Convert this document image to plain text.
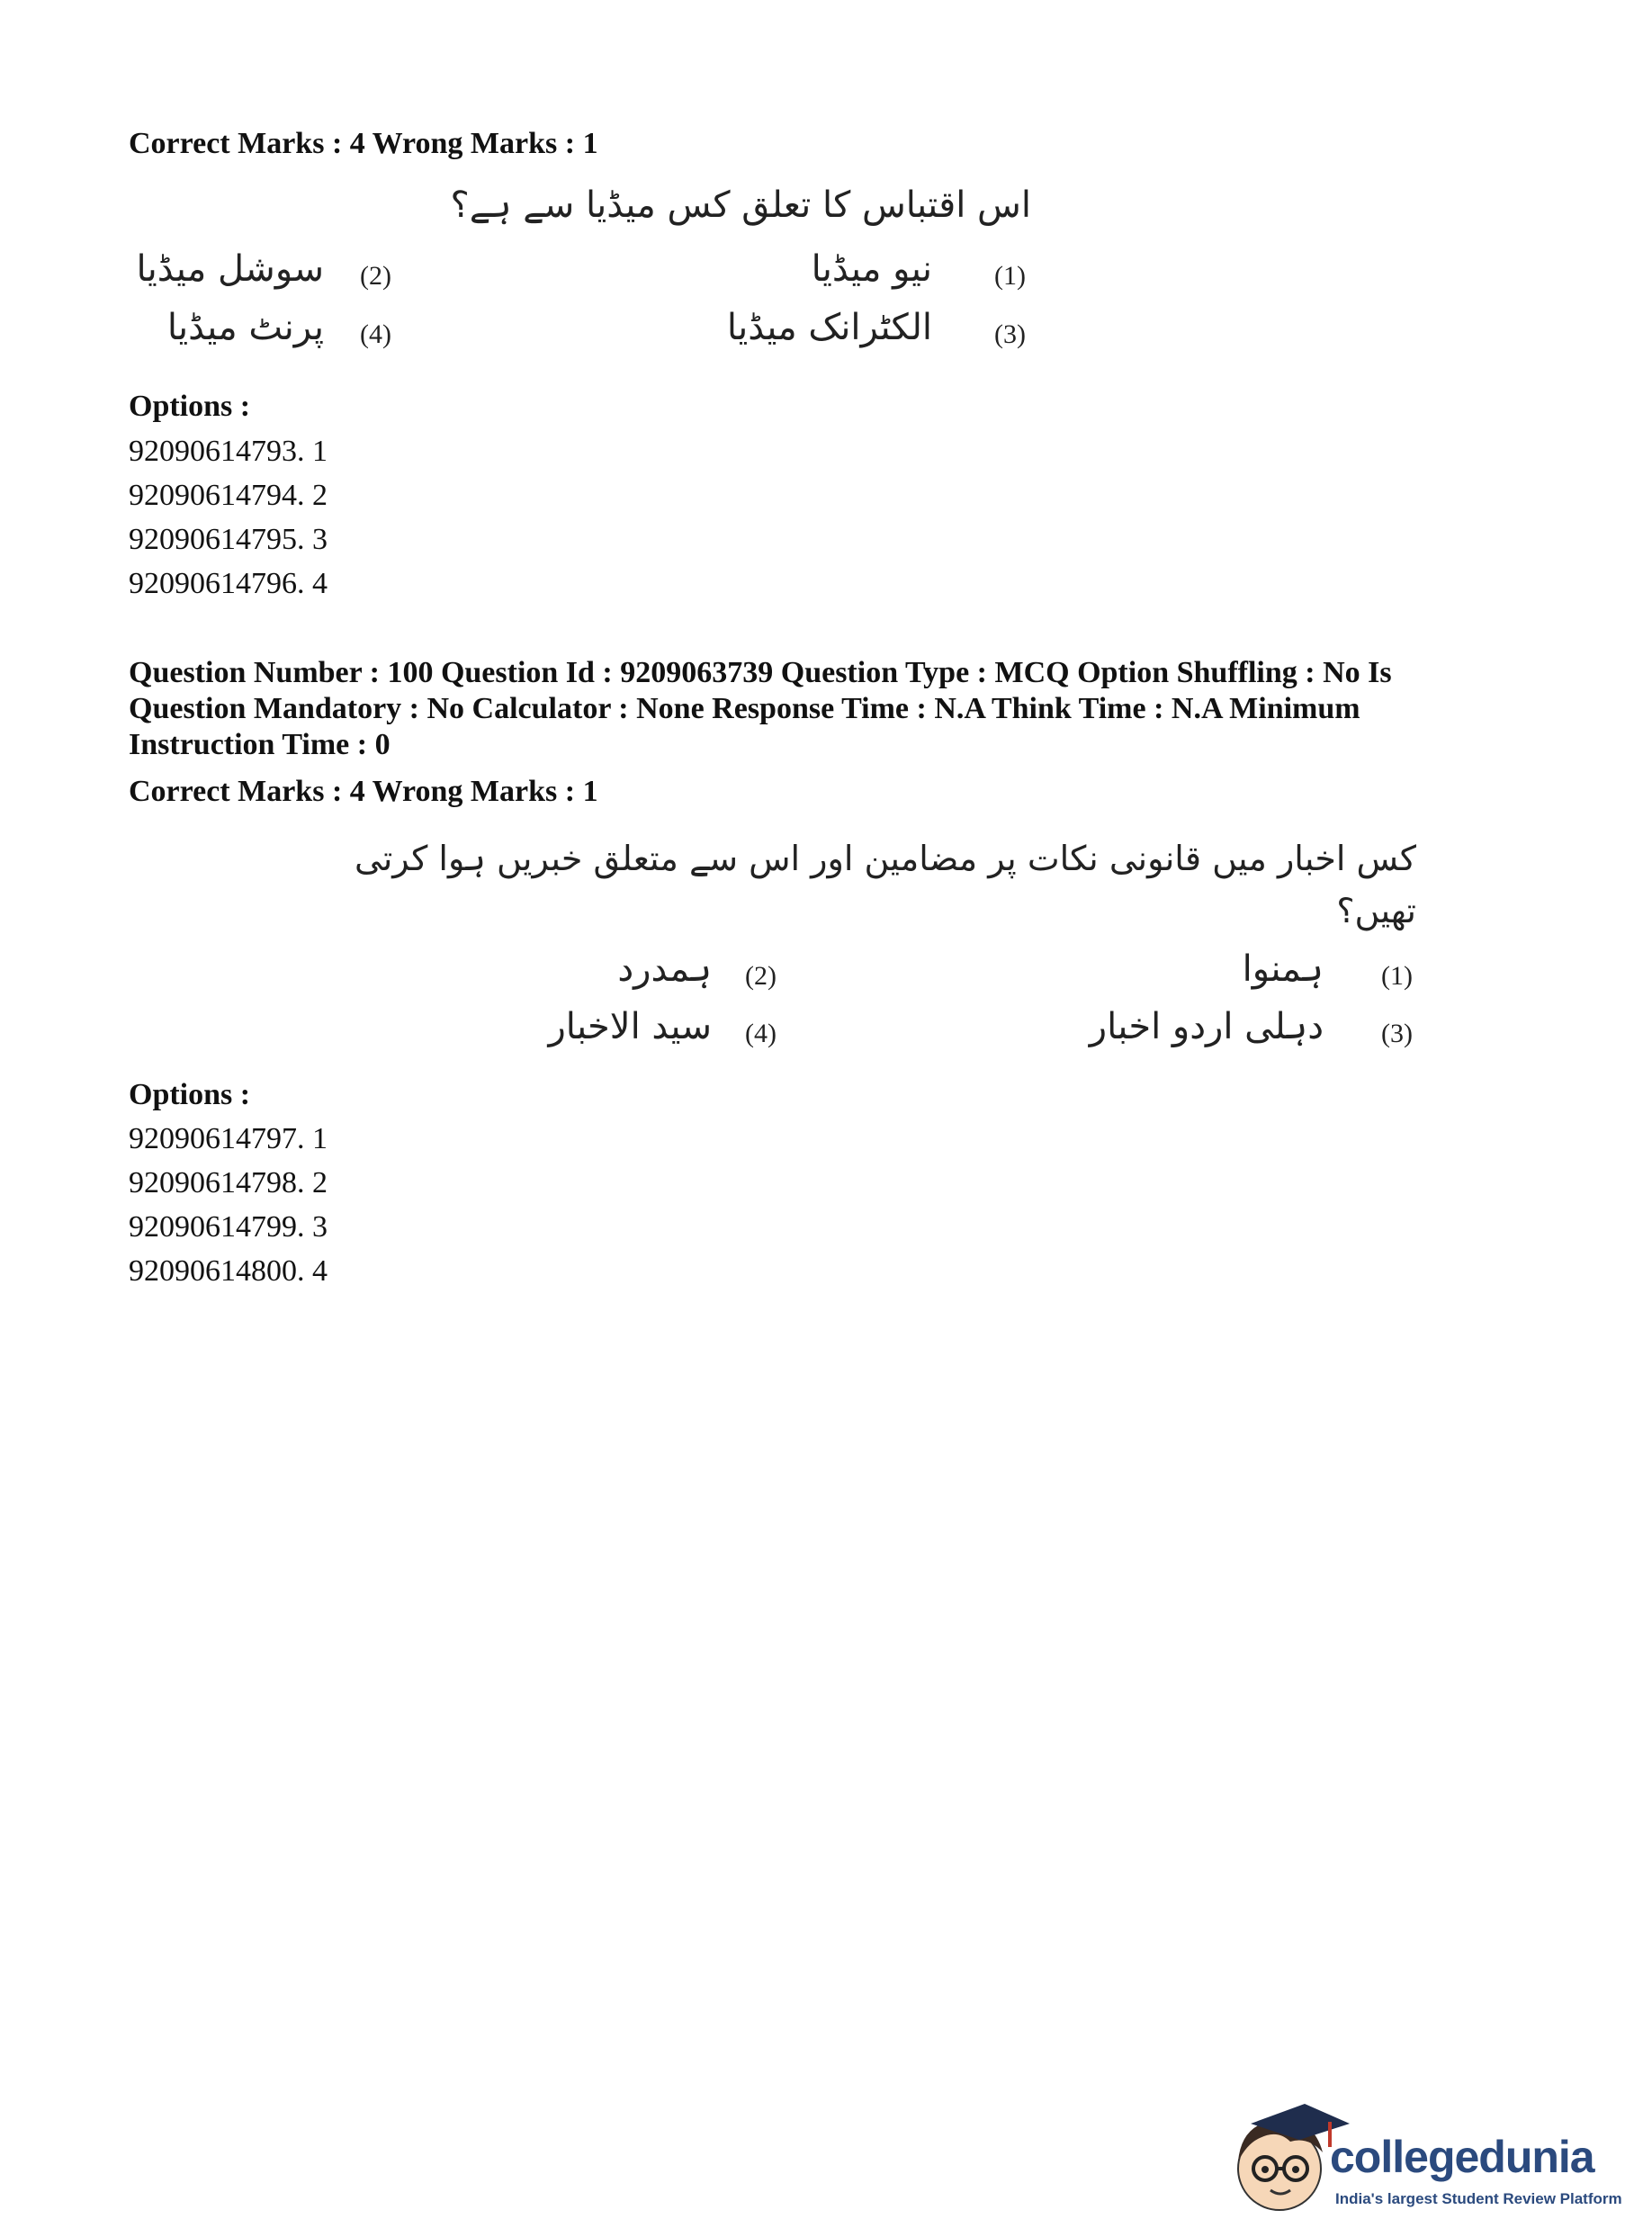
Correct Marks : 4 Wrong Marks : 1
اس اقتباس کا تعلق کس میڈیا سے ہے؟
(1)
نیو میڈیا
(2)
سوشل میڈیا
(3)
الکٹرانک میڈیا
(4)
پرنٹ میڈیا
Options :
92090614793. 1
92090614794. 2
92090614795. 3
92090614796. 4
Question Number : 100 Question Id : 9209063739 Question Type : MCQ Option Shuffling : No Is
Question Mandatory : No Calculator : None Response Time : N.A Think Time : N.A Minimum
Instruction Time : 0
Correct Marks : 4 Wrong Marks : 1
کس اخبار میں قانونی نکات پر مضامین اور اس سے متعلق خبریں ہوا کرتی
تھیں؟
(1)
ہمنوا
(2)
ہمدرد
(3)
دہلی اردو اخبار
(4)
سید الاخبار
Options :
92090614797. 1
92090614798. 2
92090614799. 3
92090614800. 4
collegedunia
India's largest Student Review Platform
